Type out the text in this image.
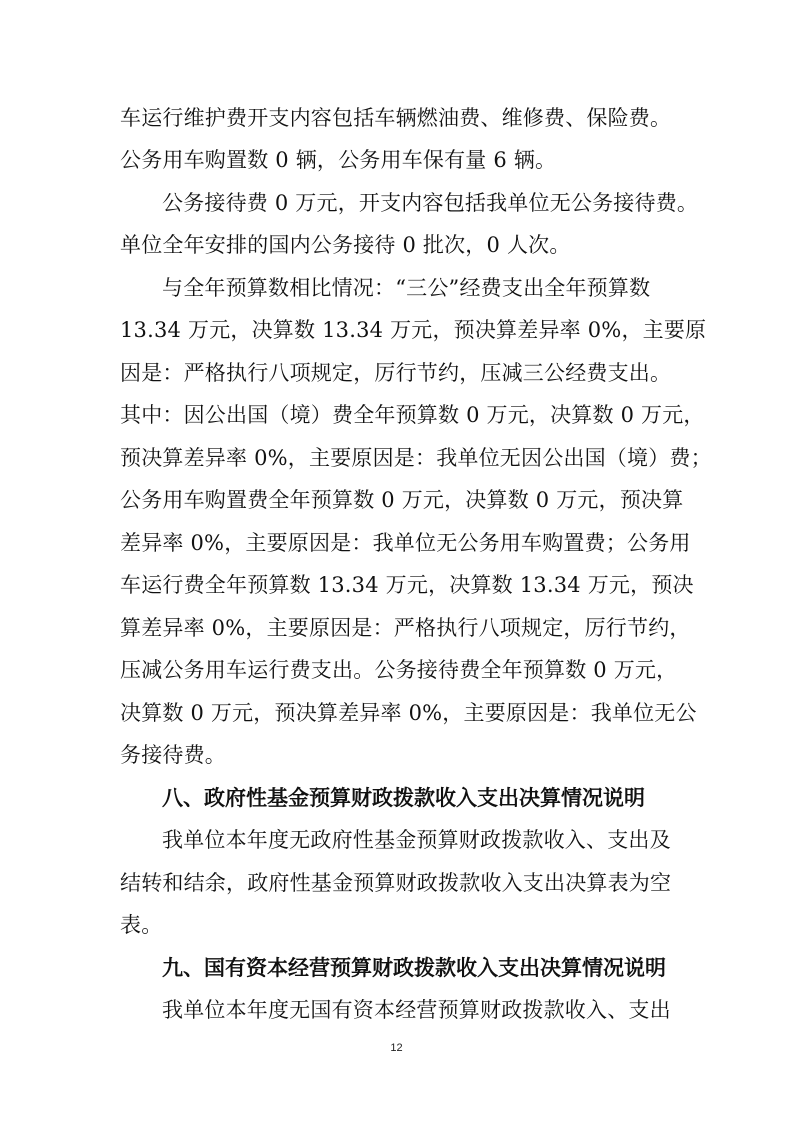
车运行维护费开支内容包括车辆燃油费、维修费、保险费。
公务用车购置数 0 辆，公务用车保有量 6 辆。
公务接待费 0 万元，开支内容包括我单位无公务接待费。
单位全年安排的国内公务接待 0 批次，0 人次。
与全年预算数相比情况：“三公”经费支出全年预算数
13.34 万元，决算数 13.34 万元，预决算差异率 0%，主要原
因是：严格执行八项规定，厉行节约，压减三公经费支出。
其中：因公出国（境）费全年预算数 0 万元，决算数 0 万元，
预决算差异率 0%，主要原因是：我单位无因公出国（境）费；
公务用车购置费全年预算数 0 万元，决算数 0 万元，预决算
差异率 0%，主要原因是：我单位无公务用车购置费；公务用
车运行费全年预算数 13.34 万元，决算数 13.34 万元，预决
算差异率 0%，主要原因是：严格执行八项规定，厉行节约，
压减公务用车运行费支出。公务接待费全年预算数 0 万元，
决算数 0 万元，预决算差异率 0%，主要原因是：我单位无公
务接待费。
八、政府性基金预算财政拨款收入支出决算情况说明
我单位本年度无政府性基金预算财政拨款收入、支出及
结转和结余，政府性基金预算财政拨款收入支出决算表为空
表。
九、国有资本经营预算财政拨款收入支出决算情况说明
我单位本年度无国有资本经营预算财政拨款收入、支出
12
